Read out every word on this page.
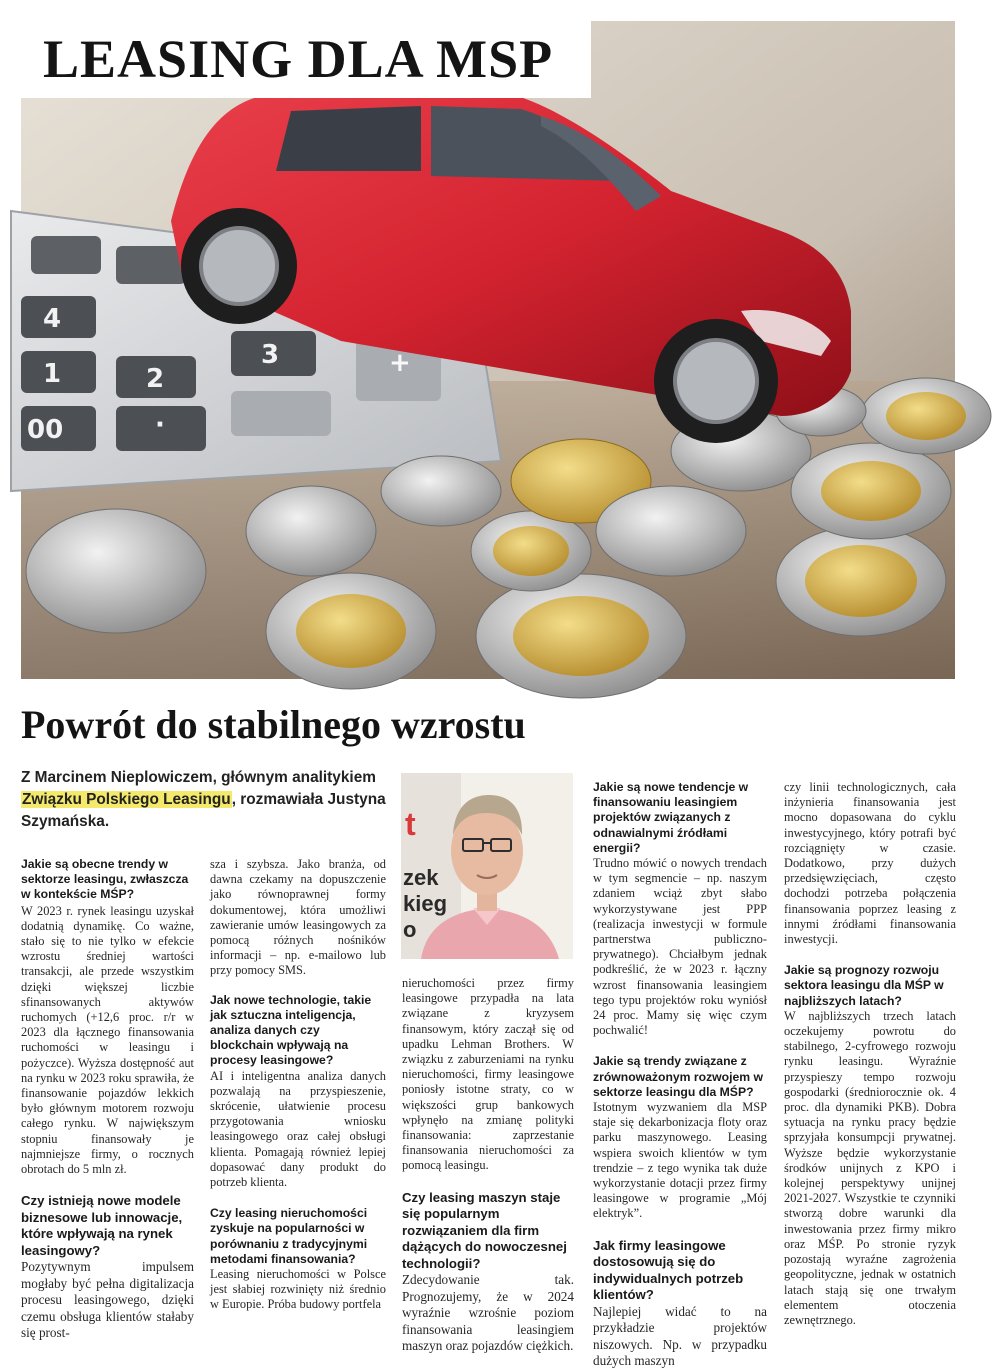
4
1	2
3	+
00	·
LEASING DLA MSP
Powrót do stabilnego wzrostu
Z Marcinem Nieplowiczem, głównym analitykiem Związku Polskiego Leasingu, rozmawiała Justyna Szymańska.	t
zek
kieg
o
Jakie są obecne trendy w sektorze leasingu, zwłaszcza w kontekście MŚP?

W 2023 r. rynek leasingu uzyskał dodatnią dynamikę. Co ważne, stało się to nie tylko w efekcie wzrostu średniej wartości transakcji, ale przede wszystkim dzięki większej liczbie sfinansowanych aktywów ruchomych (+12,6 proc. r/r w 2023 dla łącznego finansowania ruchomości w leasingu i pożyczce). Wyższa dostępność aut na rynku w 2023 roku sprawiła, że finansowanie pojazdów lekkich było głównym motorem rozwoju całego rynku. W największym stopniu finansowały je najmniejsze firmy, o rocznych obrotach do 5 mln zł.

Czy istnieją nowe modele biznesowe lub innowacje, które wpływają na rynek leasingowy?

Pozytywnym impulsem mogłaby być pełna digitalizacja procesu leasingowego, dzięki czemu obsługa klientów stałaby się prost-

sza i szybsza. Jako branża, od dawna czekamy na dopuszczenie jako równoprawnej formy dokumentowej, która umożliwi zawieranie umów leasingowych za pomocą różnych nośników informacji – np. e-mailowo lub przy pomocy SMS.

Jak nowe technologie, takie jak sztuczna inteligencja, analiza danych czy blockchain wpływają na procesy leasingowe?

AI i inteligentna analiza danych pozwalają na przyspieszenie, skrócenie, ułatwienie procesu przygotowania wniosku leasingowego oraz całej obsługi klienta. Pomagają również lepiej dopasować dany produkt do potrzeb klienta.

Czy leasing nieruchomości zyskuje na popularności w porównaniu z tradycyjnymi metodami finansowania?

Leasing nieruchomości w Polsce jest słabiej rozwinięty niż średnio w Europie. Próba budowy portfela

nieruchomości przez firmy leasingowe przypadła na lata związane z kryzysem finansowym, który zaczął się od upadku Lehman Brothers. W związku z zaburzeniami na rynku nieruchomości, firmy leasingowe poniosły istotne straty, co w większości grup bankowych wpłynęło na zmianę polityki finansowania: zaprzestanie finansowania nieruchomości za pomocą leasingu.

Czy leasing maszyn staje się popularnym rozwiązaniem dla firm dążących do nowoczesnej technologii?

Zdecydowanie tak. Prognozujemy, że w 2024 wyraźnie wzrośnie poziom finansowania leasingiem maszyn oraz pojazdów ciężkich.

Jakie są nowe tendencje w finansowaniu leasingiem projektów związanych z odnawialnymi źródłami energii?

Trudno mówić o nowych trendach w tym segmencie – np. naszym zdaniem wciąż zbyt słabo wykorzystywane jest PPP (realizacja inwestycji w formule partnerstwa publiczno-prywatnego). Chciałbym jednak podkreślić, że w 2023 r. łączny wzrost finansowania leasingiem tego typu projektów roku wyniósł 24 proc. Mamy się więc czym pochwalić!

Jakie są trendy związane z zrównoważonym rozwojem w sektorze leasingu dla MŚP?

Istotnym wyzwaniem dla MSP staje się dekarbonizacja floty oraz parku maszynowego. Leasing wspiera swoich klientów w tym trendzie – z tego wynika tak duże wykorzystanie dotacji przez firmy leasingowe w programie „Mój elektryk”.

Jak firmy leasingowe dostosowują się do indywidualnych potrzeb klientów?

Najlepiej widać to na przykładzie projektów niszowych. Np. w przypadku dużych maszyn

czy linii technologicznych, cała inżynieria finansowania jest mocno dopasowana do cyklu inwestycyjnego, który potrafi być rozciągnięty w czasie. Dodatkowo, przy dużych przedsięwzięciach, często dochodzi potrzeba połączenia finansowania poprzez leasing z innymi źródłami finansowania inwestycji.

Jakie są prognozy rozwoju sektora leasingu dla MŚP w najbliższych latach?

W najbliższych trzech latach oczekujemy powrotu do stabilnego, 2-cyfrowego rozwoju rynku leasingu. Wyraźnie przyspieszy tempo rozwoju gospodarki (średniorocznie ok. 4 proc. dla dynamiki PKB). Dobra sytuacja na rynku pracy będzie sprzyjała konsumpcji prywatnej. Wyższe będzie wykorzystanie środków unijnych z KPO i kolejnej perspektywy unijnej 2021-2027. Wszystkie te czynniki stworzą dobre warunki dla inwestowania przez firmy mikro oraz MŚP. Po stronie ryzyk pozostają wyraźne zagrożenia geopolityczne, jednak w ostatnich latach stają się one trwałym elementem otoczenia zewnętrznego.
